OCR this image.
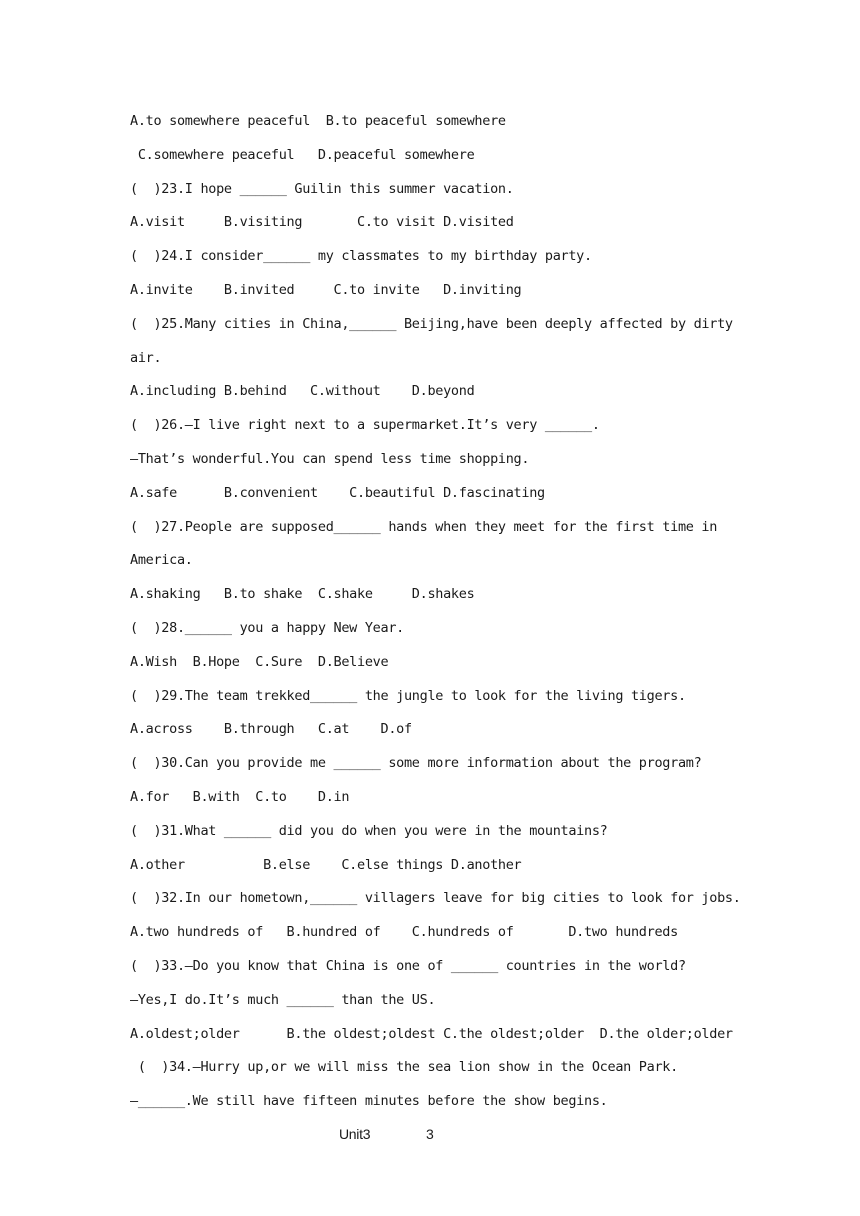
A.to somewhere peaceful  B.to peaceful somewhere
C.somewhere peaceful   D.peaceful somewhere
(  )23.I hope ______ Guilin this summer vacation.
A.visit     B.visiting       C.to visit D.visited
(  )24.I consider______ my classmates to my birthday party.
A.invite    B.invited     C.to invite   D.inviting
(  )25.Many cities in China,______ Beijing,have been deeply affected by dirty
air.
A.including B.behind   C.without    D.beyond
(  )26.—I live right next to a supermarket.It’s very ______.
—That’s wonderful.You can spend less time shopping.
A.safe      B.convenient    C.beautiful D.fascinating
(  )27.People are supposed______ hands when they meet for the first time in
America.
A.shaking   B.to shake  C.shake     D.shakes
(  )28.______ you a happy New Year.
A.Wish  B.Hope  C.Sure  D.Believe
(  )29.The team trekked______ the jungle to look for the living tigers.
A.across    B.through   C.at    D.of
(  )30.Can you provide me ______ some more information about the program?
A.for   B.with  C.to    D.in
(  )31.What ______ did you do when you were in the mountains?
A.other          B.else    C.else things D.another
(  )32.In our hometown,______ villagers leave for big cities to look for jobs.
A.two hundreds of   B.hundred of    C.hundreds of       D.two hundreds
(  )33.—Do you know that China is one of ______ countries in the world?
—Yes,I do.It’s much ______ than the US.
A.oldest;older      B.the oldest;oldest C.the oldest;older  D.the older;older
(  )34.—Hurry up,or we will miss the sea lion show in the Ocean Park.
—______.We still have fifteen minutes before the show begins.
Unit3	3
